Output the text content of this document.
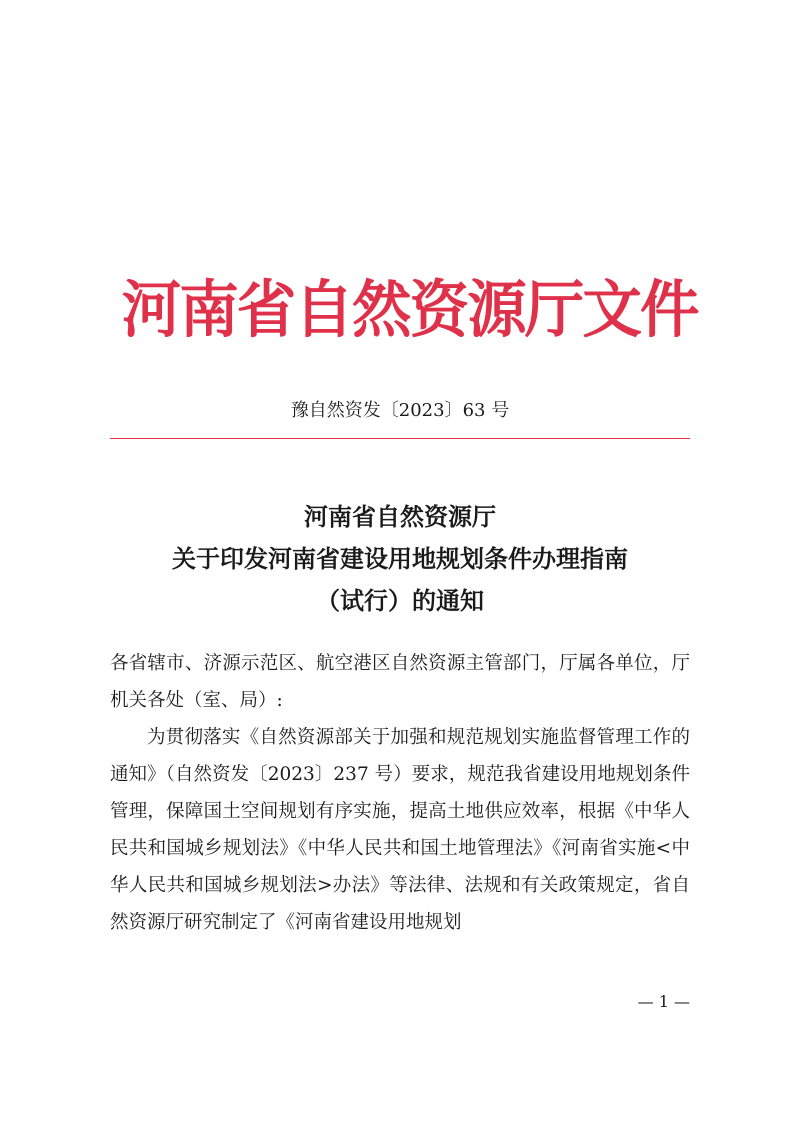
河南省自然资源厅文件
豫自然资发〔2023〕63 号
河南省自然资源厅
关于印发河南省建设用地规划条件办理指南
（试行）的通知

各省辖市、济源示范区、航空港区自然资源主管部门，厅属各单位，厅机关各处（室、局）:

为贯彻落实《自然资源部关于加强和规范规划实施监督管理工作的通知》（自然资发〔2023〕237 号）要求，规范我省建设用地规划条件管理，保障国土空间规划有序实施，提高土地供应效率，根据《中华人民共和国城乡规划法》《中华人民共和国土地管理法》《河南省实施<中华人民共和国城乡规划法>办法》等法律、法规和有关政策规定，省自然资源厅研究制定了《河南省建设用地规划

— 1 —
